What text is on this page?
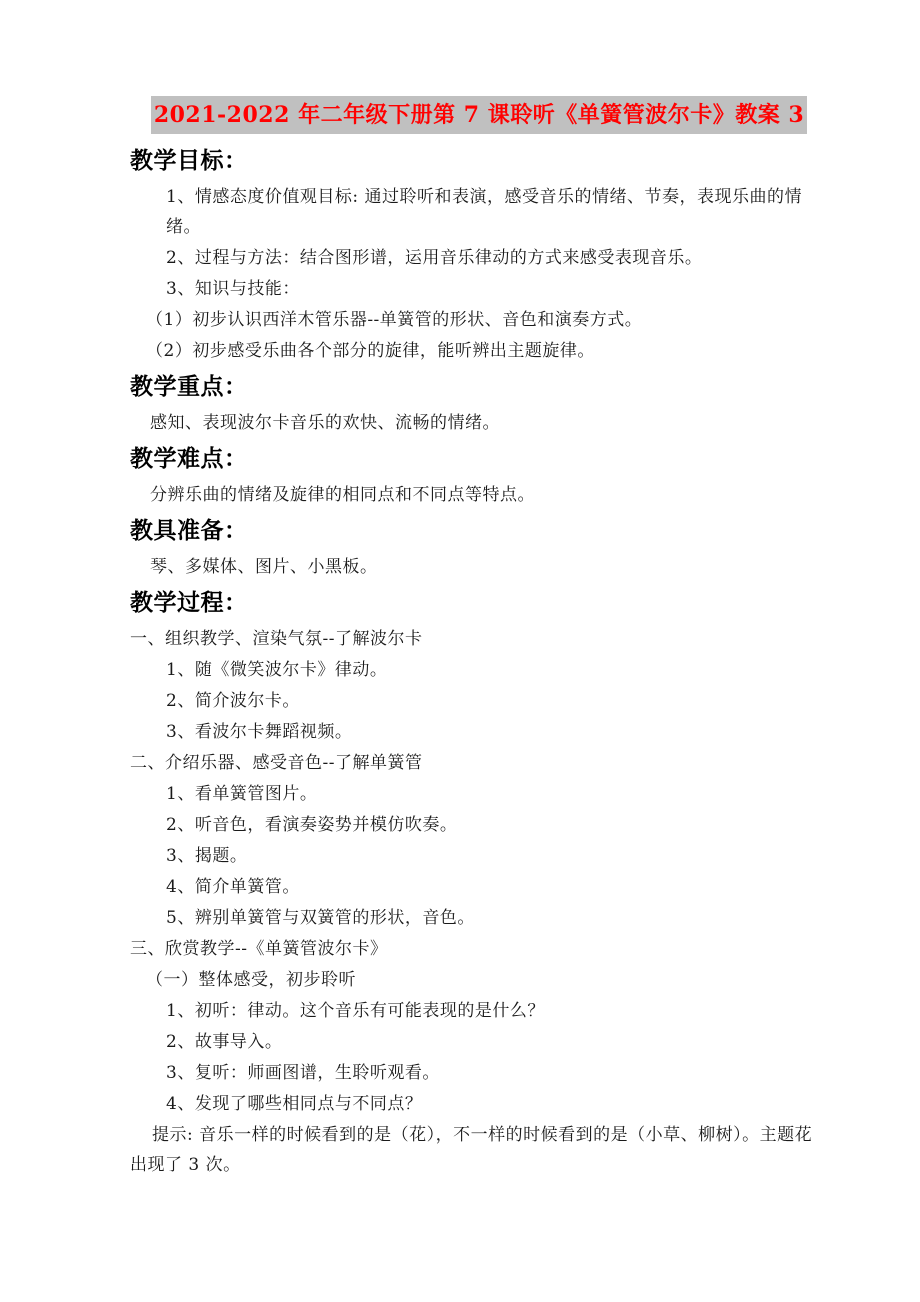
2021-2022 年二年级下册第 7 课聆听《单簧管波尔卡》教案 3

教学目标：

1、情感态度价值观目标: 通过聆听和表演，感受音乐的情绪、节奏，表现乐曲的情绪。

2、过程与方法：结合图形谱，运用音乐律动的方式来感受表现音乐。

3、知识与技能：

（1）初步认识西洋木管乐器--单簧管的形状、音色和演奏方式。

（2）初步感受乐曲各个部分的旋律，能听辨出主题旋律。

教学重点：

感知、表现波尔卡音乐的欢快、流畅的情绪。

教学难点：

分辨乐曲的情绪及旋律的相同点和不同点等特点。

教具准备：

琴、多媒体、图片、小黑板。

教学过程：

一、组织教学、渲染气氛--了解波尔卡

1、随《微笑波尔卡》律动。

2、简介波尔卡。

3、看波尔卡舞蹈视频。

二、介绍乐器、感受音色--了解单簧管

1、看单簧管图片。

2、听音色，看演奏姿势并模仿吹奏。

3、揭题。

4、简介单簧管。

5、辨别单簧管与双簧管的形状，音色。

三、欣赏教学--《单簧管波尔卡》

（一）整体感受，初步聆听

1、初听：律动。这个音乐有可能表现的是什么？

2、故事导入。

3、复听：师画图谱，生聆听观看。

4、发现了哪些相同点与不同点？

提示: 音乐一样的时候看到的是（花），不一样的时候看到的是（小草、柳树）。主题花出现了 3 次。
